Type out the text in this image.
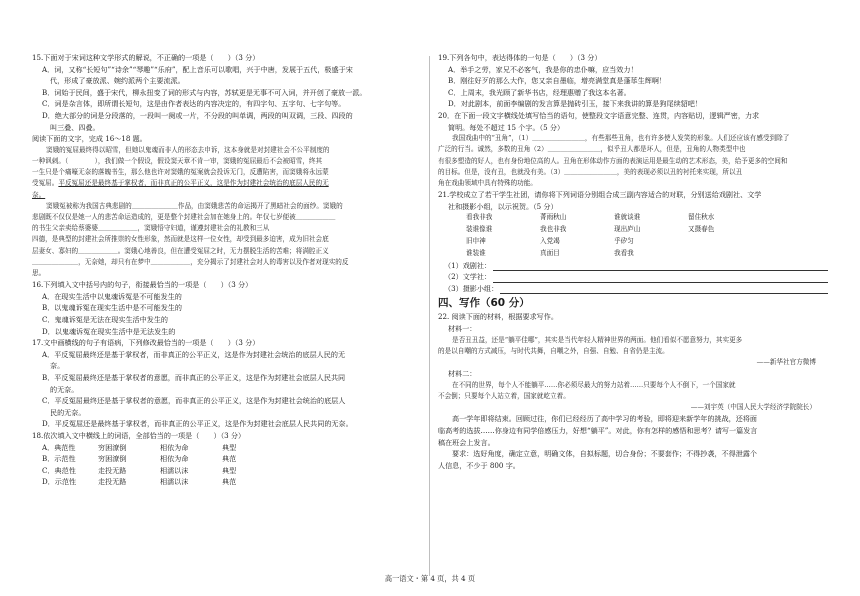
15.下面对于宋词这种文学形式的解说，不正确的一项是（　　）（3 分）

A．词，又称“长短句”“诗余”“琴趣”“乐府”，配上音乐可以歌唱，兴于中唐，发展于五代，极盛于宋

代，形成了豪放派、婉约派两个主要流派。

B．词始于民间，盛于宋代，柳永扭变了词的形式与内容，苏轼更是无事不可入词，并开创了豪放一派。

C．词是杂言体，即所谓长短句，这是由作者表达的内容决定的，有四字句、五字句、七字句等。

D．绝大部分的词是分段落的，一段叫一阕或一片，不分段的叫单调，两段的叫双调，三段、四段的

叫三叠、四叠。

阅读下面的文字，完成 16～18 题。

窦娥的冤屈最终得以昭雪，但她以鬼魂而非人的形态去申诉，这本身就是对封建社会不公平制度的

一种讽刺。（　　　　），我们做一个假设，假设窦天章不肯一审，窦娥的冤屈最后不会被昭雪，终其

一生只是个痛嚎无奈的落魄书生，那么他也许对窦娥的冤案就会投诉无门，反遭陷害，而窦娥将永远蒙

受冤屈。平反冤屈还是最终基于掌权者，而非真正的公平正义，这是作为封建社会统治的底层人民的无

奈。

窦娥冤被称为我国古典悲剧的＿＿＿＿＿＿＿作品，由窦娥悲苦的命运揭开了黑暗社会的面纱。窦娥的

悲剧既不仅仅是她一人的悲苦命运造成的，更是整个封建社会加在她身上的。年仅七岁便被＿＿＿＿＿＿

的书生父亲卖给蔡婆婆＿＿＿＿＿＿，窦娥悟守妇道，谨遵封建社会的礼教和三从

四德，是典型的封建社会所推崇的女性形象，然而就是这样一位女性，却受到最多迫害，成为旧社会底

层妻女、寡妇的＿＿＿＿＿＿。窦娥心地善良，但在遭受冤屈之时，无力摆脱生活的苦难；将满腔正义

＿＿＿＿＿＿＿，无奈她，却只有在梦中＿＿＿＿＿＿，充分揭示了封建社会对人的毒害以及作者对现实的反

思。

16.下列填入文中括号内的句子，衔接最恰当的一项是（　　）（3 分）

A．在现实生活中以鬼魂诉冤是不可能发生的

B．以鬼魂诉冤在现实生活中是不可能发生的

C．鬼魂诉冤是无法在现实生活中发生的

D．以鬼魂诉冤在现实生活中是无法发生的

17.文中画横线的句子有语病，下列修改最恰当的一项是（　　）（3 分）

A．平反冤屈最终还是基于掌权者，而非真正的公平正义，这是作为封建社会统治的底层人民的无

奈。

B．平反冤屈最终还是基于掌权者的意愿，而非真正的公平正义，这是作为封建社会底层人民共同

的无奈。

C．平反冤屈最终还是基于掌权者的意愿，而非真正的公平正义，这是作为封建社会统治的底层人

民的无奈。

D．平反冤屈还是最终基于掌权者，而非真正的公平正义，这是作为封建社会底层人民共同的无奈。

18.依次填入文中横线上的词语，全部恰当的一项是（　　）（3 分）

A．典范性	穷困潦倒	相依为命	典型
B．示范性	穷困潦倒	相依为命	典范
C．典范性	走投无路	相濡以沫	典型
D．示范性	走投无路	相濡以沫	典范

19.下列各句中，表达得体的一句是（　　）（3 分）

A．举手之劳，家兄不必客气，我是你的忠仆嘛，应当效力！

B．刚往好歹的那么大作，您又亲自墨临，增亮满堂真是蓬荜生辉啊！

C．上周末，我光顾了新华书店，经理惠赠了我这本名著。

D．对此剧本，前面李编剧的发言算是抛砖引玉，接下来我讲的算是狗尾续貂吧！

20．在下面一段文字横线处填写恰当的语句，使整段文字语意完整、连贯，内容贴切，逻辑严密，力求

简明。每处不超过 15 个字。（5 分）

我国戏曲中的“丑角”，（1）＿＿＿＿＿＿＿＿，有些那些丑角，也有许多使人发笑的形象。人们还应该有感受到除了

广泛的行当。诚然，多数的丑角（2）＿＿＿＿＿＿＿＿，似乎丑人都是坏人，但是，丑角的人物类型中也

有很多塑造的好人，也有身份地位高的人。丑角在形体动作方面的表演运用是最生动的艺术形态，美，给予更多的空间和

的目标。但是，没有丑，也就没有美。（3）＿＿＿＿＿＿＿＿，美的表现必须以丑的衬托来实现，所以丑

角在戏曲领域中具有特殊的功能。

21.学校成立了若干学生社团，请你将下列词语分别组合成三副内容适合的对联，分别送给戏剧社、文学

社和摄影小组，以示祝贺。（5 分）

看我非我	菁雨秋山	谁就谈谁	留住秋水
装谁像谁	我也非我	现出庐山	又摄春色
旧申神	入党竭	乎矽匀
谁装谁	真面目	我看我
（1）戏剧社：
（2）文学社：
（3）摄影小组：

四、写作（60 分）

22. 阅读下面的材料，根据要求写作。

材料一：

是否丑丑益，还是“躺平佳哪”，其实是当代年轻人精神世界的两面。他们看似不愿意努力，其实更多

的是以自嘲的方式减压，与时代共舞，自嘲之外，自强、自勉、自省仍是主流。

——新华社官方微博

材料二：

在不同的世界，每个人不能躺平……你必须尽最大的努力站着……只要每个人不倒下，一个国家就

不会倒；只要每个人站立着，国家就屹立着。

——刘宇英（中国人民大学经济学院院长）

高一学年即将结束。回顾过往，你们已经经历了高中学习的考验，即将迎来新学年的挑战，还将面

临高考的选拔……你身边有同学倍感压力，好想“躺平”。对此，你有怎样的感悟和思考？请写一篇发言

稿在班会上发言。

要求：选好角度，确定立意，明确文体，自拟标题，切合身份；不要套作；不得抄袭，不得泄露个

人信息，不少于 800 字。

高一语文・第 4 页，共 4 页
